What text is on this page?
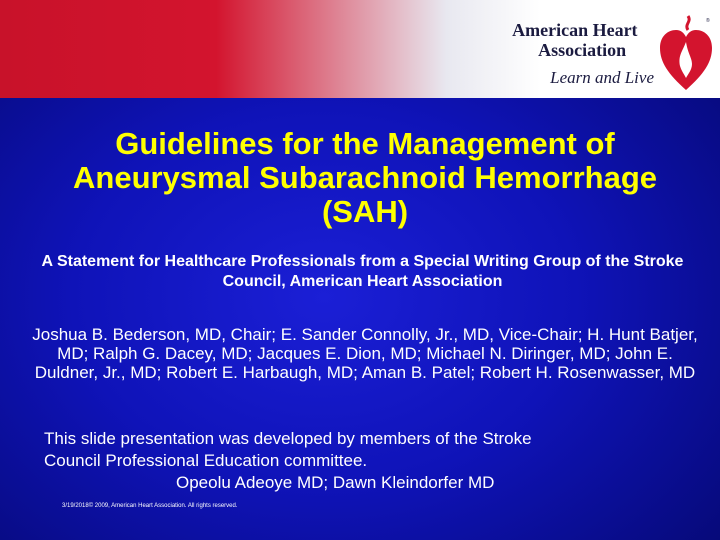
American Heart
Association
Learn and Live
®
Guidelines for the Management of Aneurysmal Subarachnoid Hemorrhage (SAH)
A Statement for Healthcare Professionals from a Special Writing Group of the Stroke Council, American Heart Association
Joshua B. Bederson, MD, Chair; E. Sander Connolly, Jr., MD, Vice-Chair; H. Hunt Batjer, MD; Ralph G. Dacey, MD; Jacques E. Dion, MD; Michael N. Diringer, MD; John E. Duldner, Jr., MD; Robert E. Harbaugh, MD; Aman B. Patel; Robert H. Rosenwasser, MD
This slide presentation was developed by members of the Stroke
Council Professional Education committee.
Opeolu Adeoye MD; Dawn Kleindorfer MD
3/19/2018© 2009, American Heart Association. All rights reserved.
